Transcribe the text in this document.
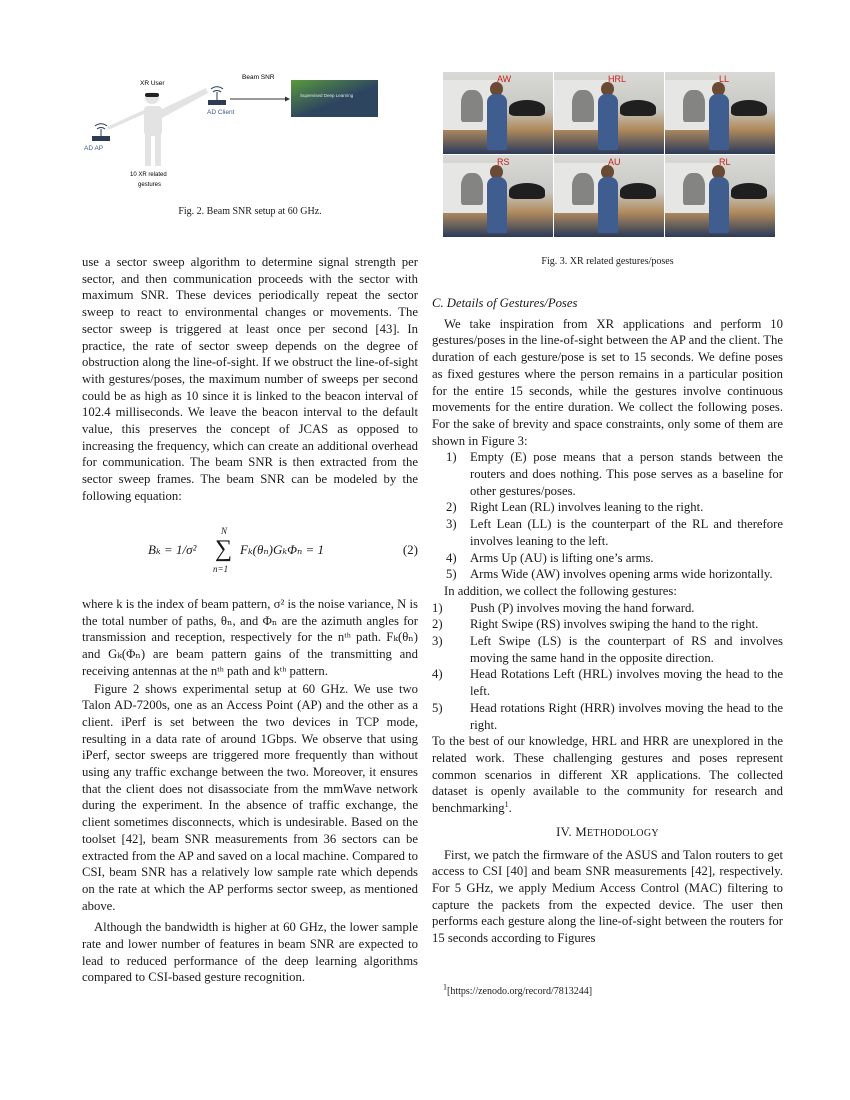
XR User
AD Client
AD AP
Beam SNR
Supervised Deep Learning
10 XR related
gestures
Fig. 2. Beam SNR setup at 60 GHz.
AW	HRL	LL
RS	AU	RL
Fig. 3. XR related gestures/poses

use a sector sweep algorithm to determine signal strength per sector, and then communication proceeds with the sector with maximum SNR. These devices periodically repeat the sector sweep to react to environmental changes or movements. The sector sweep is triggered at least once per second [43]. In practice, the rate of sector sweep depends on the degree of obstruction along the line-of-sight. If we obstruct the line-of-sight with gestures/poses, the maximum number of sweeps per second could be as high as 10 since it is linked to the beacon interval of 102.4 milliseconds. We leave the beacon interval to the default value, this preserves the concept of JCAS as opposed to increasing the frequency, which can create an additional overhead for communication. The beam SNR is then extracted from the sector sweep frames. The beam SNR can be modeled by the following equation:

Bₖ = 1/σ²
N
∑
n=1
Fₖ(θₙ)GₖΦₙ = 1	(2)

where k is the index of beam pattern, σ² is the noise variance, N is the total number of paths, θₙ, and Φₙ are the azimuth angles for transmission and reception, respectively for the nᵗʰ path. Fₖ(θₙ) and Gₖ(Φₙ) are beam pattern gains of the transmitting and receiving antennas at the nᵗʰ path and kᵗʰ pattern.

Figure 2 shows experimental setup at 60 GHz. We use two Talon AD-7200s, one as an Access Point (AP) and the other as a client. iPerf is set between the two devices in TCP mode, resulting in a data rate of around 1Gbps. We observe that using iPerf, sector sweeps are triggered more frequently than without using any traffic exchange between the two. Moreover, it ensures that the client does not disassociate from the mmWave network during the experiment. In the absence of traffic exchange, the client sometimes disconnects, which is undesirable. Based on the toolset [42], beam SNR measurements from 36 sectors can be extracted from the AP and saved on a local machine. Compared to CSI, beam SNR has a relatively low sample rate which depends on the rate at which the AP performs sector sweep, as mentioned above.

Although the bandwidth is higher at 60 GHz, the lower sample rate and lower number of features in beam SNR are expected to lead to reduced performance of the deep learning algorithms compared to CSI-based gesture recognition.

C. Details of Gestures/Poses

We take inspiration from XR applications and perform 10 gestures/poses in the line-of-sight between the AP and the client. The duration of each gesture/pose is set to 15 seconds. We define poses as fixed gestures where the person remains in a particular position for the entire 15 seconds, while the gestures involve continuous movements for the entire duration. We collect the following poses. For the sake of brevity and space constraints, only some of them are shown in Figure 3:

1) Empty (E) pose means that a person stands between the routers and does nothing. This pose serves as a baseline for other gestures/poses.
2) Right Lean (RL) involves leaning to the right.
3) Left Lean (LL) is the counterpart of the RL and therefore involves leaning to the left.
4) Arms Up (AU) is lifting one’s arms.
5) Arms Wide (AW) involves opening arms wide horizontally.

In addition, we collect the following gestures:

1) Push (P) involves moving the hand forward.
2) Right Swipe (RS) involves swiping the hand to the right.
3) Left Swipe (LS) is the counterpart of RS and involves moving the same hand in the opposite direction.
4) Head Rotations Left (HRL) involves moving the head to the left.
5) Head rotations Right (HRR) involves moving the head to the right.

To the best of our knowledge, HRL and HRR are unexplored in the related work. These challenging gestures and poses represent common scenarios in different XR applications. The collected dataset is openly available to the community for research and benchmarking$^1$.

IV. METHODOLOGY

First, we patch the firmware of the ASUS and Talon routers to get access to CSI [40] and beam SNR measurements [42], respectively. For 5 GHz, we apply Medium Access Control (MAC) filtering to capture the packets from the expected device. The user then performs each gesture along the line-of-sight between the routers for 15 seconds according to Figures

$^1$[https://zenodo.org/record/7813244]
